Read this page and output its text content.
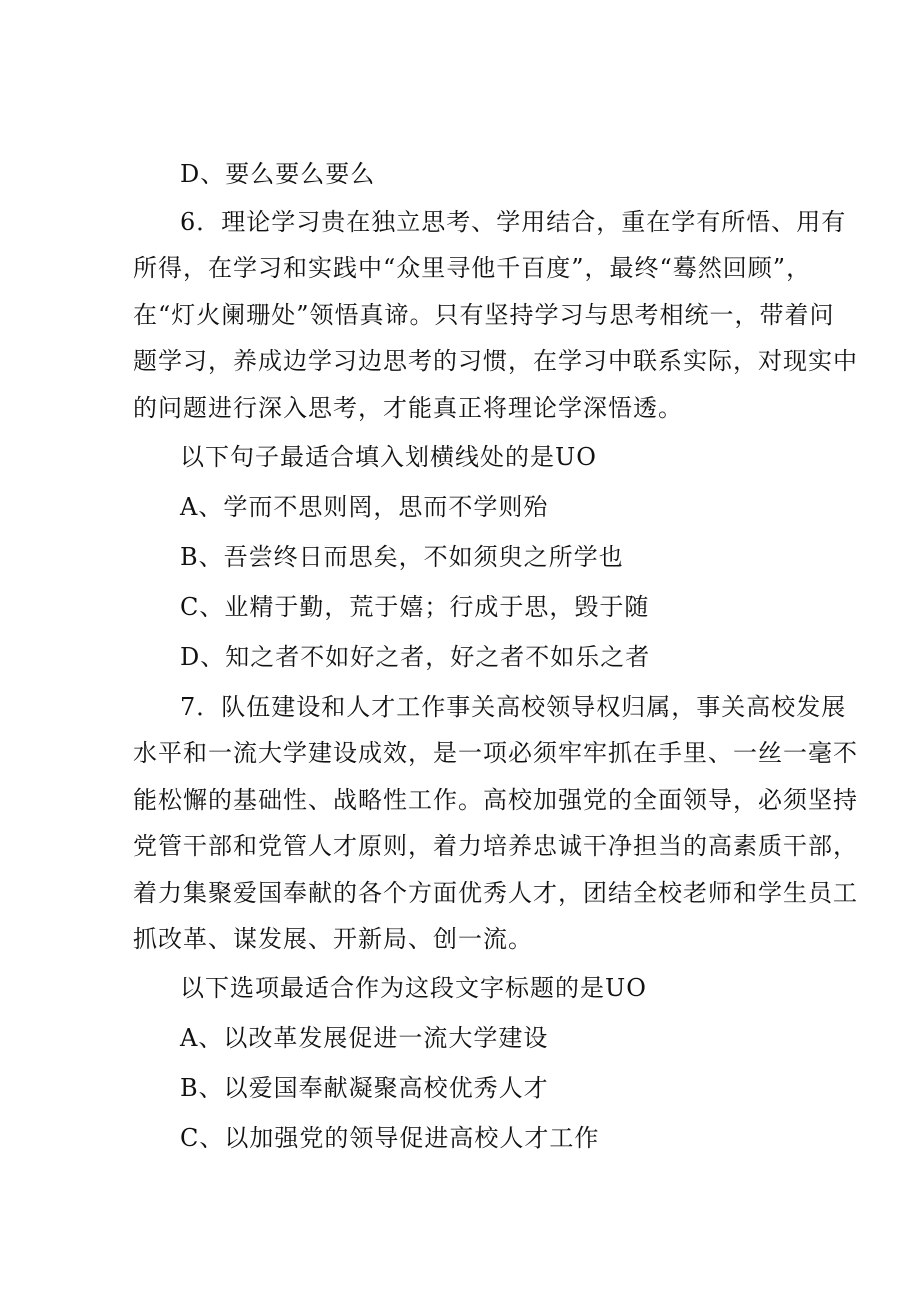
D、要么要么要么
6．理论学习贵在独立思考、学用结合，重在学有所悟、用有
所得，在学习和实践中“众里寻他千百度”，最终“蓦然回顾”，
在“灯火阑珊处”领悟真谛。只有坚持学习与思考相统一，带着问
题学习，养成边学习边思考的习惯，在学习中联系实际，对现实中
的问题进行深入思考，才能真正将理论学深悟透。
以下句子最适合填入划横线处的是UO
A、学而不思则罔，思而不学则殆
B、吾尝终日而思矣，不如须臾之所学也
C、业精于勤，荒于嬉；行成于思，毁于随
D、知之者不如好之者，好之者不如乐之者
7．队伍建设和人才工作事关高校领导权归属，事关高校发展
水平和一流大学建设成效，是一项必须牢牢抓在手里、一丝一毫不
能松懈的基础性、战略性工作。高校加强党的全面领导，必须坚持
党管干部和党管人才原则，着力培养忠诚干净担当的高素质干部，
着力集聚爱国奉献的各个方面优秀人才，团结全校老师和学生员工
抓改革、谋发展、开新局、创一流。
以下选项最适合作为这段文字标题的是UO
A、以改革发展促进一流大学建设
B、以爱国奉献凝聚高校优秀人才
C、以加强党的领导促进高校人才工作
